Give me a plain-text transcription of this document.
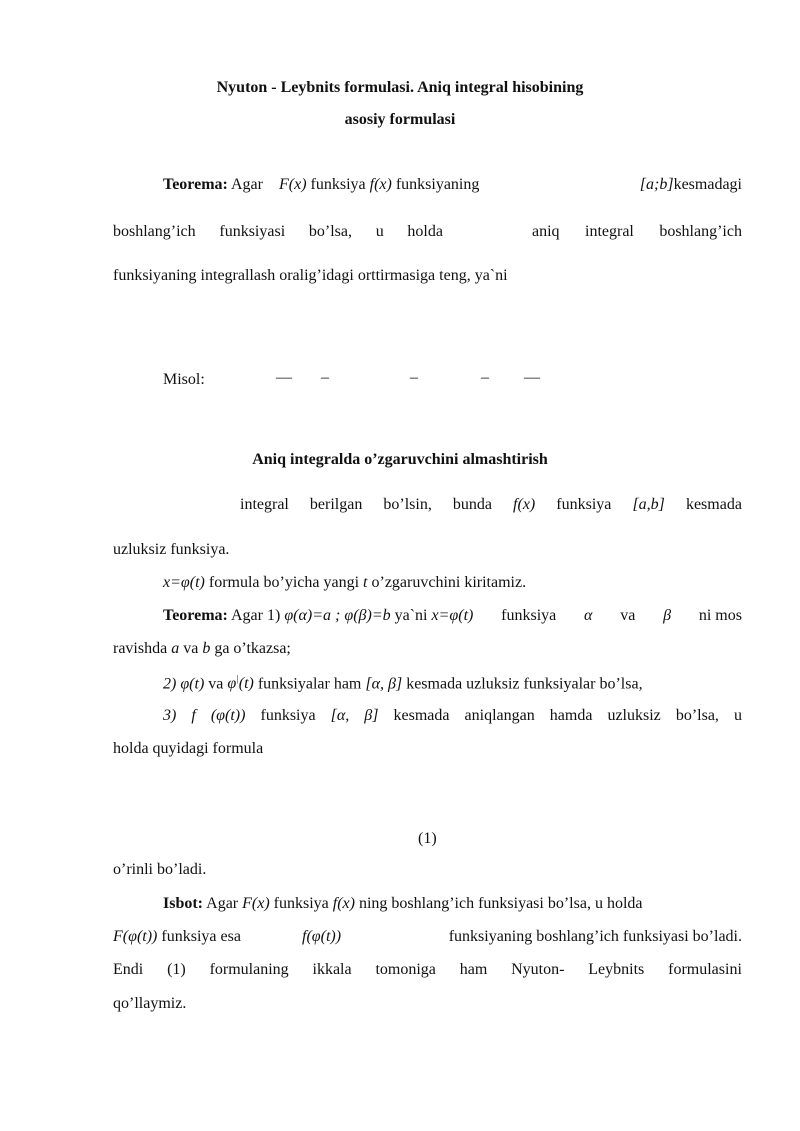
Nyuton - Leybnits formulasi. Aniq integral hisobining
asosiy formulasi
Teorema: Agar F(x) funksiya f(x) funksiyaning	[a;b]kesmadagi
boshlang’ich funksiyasi bo’lsa, u holda	aniq integral boshlang’ich
funksiyaning integrallash oralig’idagi orttirmasiga teng, ya`ni
Misol:	— –	–	– —
Aniq integralda o’zgaruvchini almashtirish
integral berilgan bo’lsin, bunda f(x) funksiya [a,b] kesmada
uzluksiz funksiya.
x=φ(t) formula bo’yicha yangi t o’zgaruvchini kiritamiz.
Teorema: Agar 1) φ(α)=a ; φ(β)=b ya`ni x=φ(t) funksiya α va β ni mos
ravishda a va b ga o’tkazsa;
2) φ(t) va φ|(t) funksiyalar ham [α, β] kesmada uzluksiz funksiyalar bo’lsa,
3) f (φ(t)) funksiya [α, β] kesmada aniqlangan hamda uzluksiz bo’lsa, u
holda quyidagi formula
(1)
o’rinli bo’ladi.
Isbot: Agar F(x) funksiya f(x) ning boshlang’ich funksiyasi bo’lsa, u holda
F(φ(t)) funksiya esa	f(φ(t))	funksiyaning boshlang’ich funksiyasi bo’ladi.
Endi (1) formulaning ikkala tomoniga ham Nyuton- Leybnits formulasini
qo’llaymiz.
